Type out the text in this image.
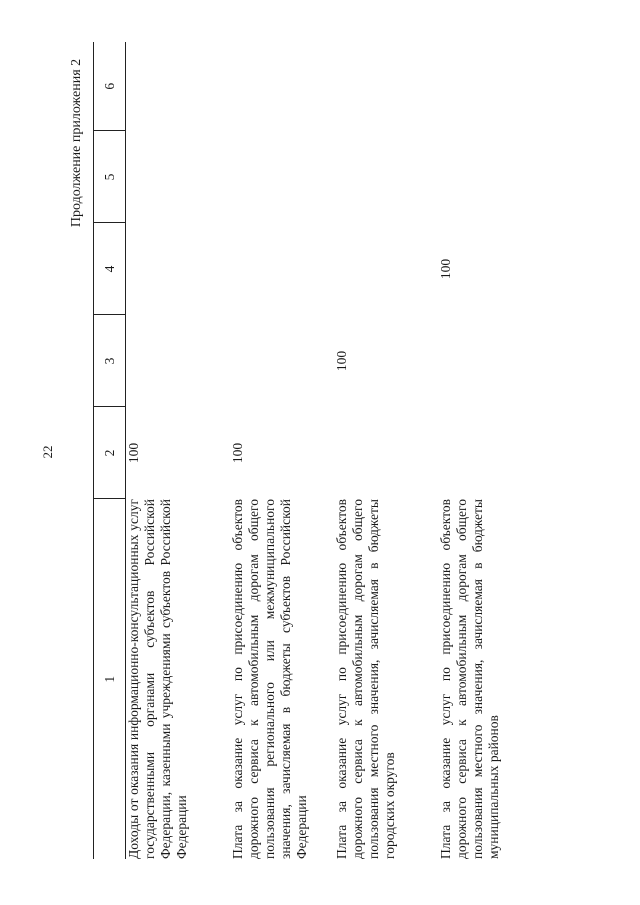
22
Продолжение приложения 2
1	2	3	4	5	6
Доходы от оказания информационно-консультационных услуг государственными органами субъектов Российской Федерации, казенными учреждениями субъектов Российской Федерации	100				
Плата за оказание услуг по присоединению объектов дорожного сервиса к автомобильным дорогам общего пользования регионального или межмуниципального значения, зачисляемая в бюджеты субъектов Российской Федерации	100				
Плата за оказание услуг по присоединению объектов дорожного сервиса к автомобильным дорогам общего пользования местного значения, зачисляемая в бюджеты городских округов		100			
Плата за оказание услуг по присоединению объектов дорожного сервиса к автомобильным дорогам общего пользования местного значения, зачисляемая в бюджеты муниципальных районов			100		
